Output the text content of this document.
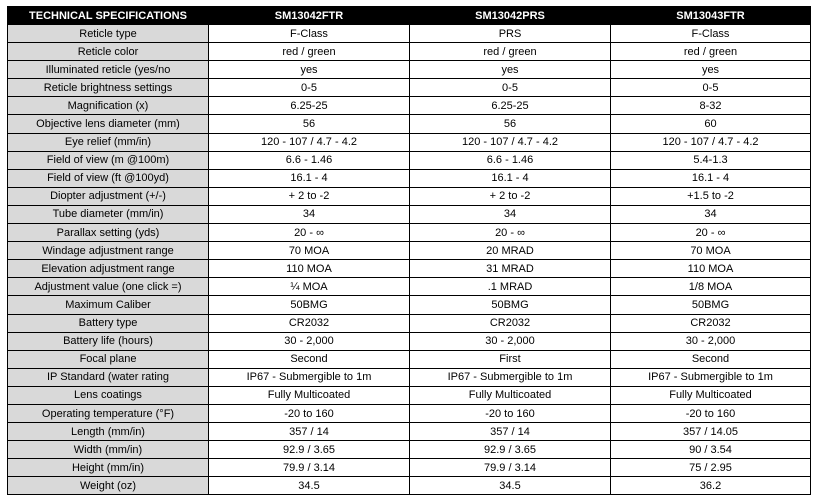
TECHNICAL SPECIFICATIONS	SM13042FTR	SM13042PRS	SM13043FTR
Reticle type	F-Class	PRS	F-Class
Reticle color	red / green	red / green	red / green
Illuminated reticle (yes/no	yes	yes	yes
Reticle brightness settings	0-5	0-5	0-5
Magnification (x)	6.25-25	6.25-25	8-32
Objective lens diameter (mm)	56	56	60
Eye relief (mm/in)	120 - 107 / 4.7 - 4.2	120 - 107 / 4.7 - 4.2	120 - 107 / 4.7 - 4.2
Field of view (m @100m)	6.6 - 1.46	6.6 - 1.46	5.4-1.3
Field of view (ft @100yd)	16.1 - 4	16.1 - 4	16.1 - 4
Diopter adjustment (+/-)	+ 2 to -2	+ 2 to -2	+1.5 to -2
Tube diameter (mm/in)	34	34	34
Parallax setting (yds)	20 - ∞	20 - ∞	20 - ∞
Windage adjustment range	70 MOA	20 MRAD	70 MOA
Elevation adjustment range	110 MOA	31 MRAD	110 MOA
Adjustment value (one click =)	¼ MOA	.1 MRAD	1/8 MOA
Maximum Caliber	50BMG	50BMG	50BMG
Battery type	CR2032	CR2032	CR2032
Battery life (hours)	30 - 2,000	30 - 2,000	30 - 2,000
Focal plane	Second	First	Second
IP Standard (water rating	IP67 - Submergible to 1m	IP67 - Submergible to 1m	IP67 - Submergible to 1m
Lens coatings	Fully Multicoated	Fully Multicoated	Fully Multicoated
Operating temperature (°F)	-20 to 160	-20 to 160	-20 to 160
Length (mm/in)	357 / 14	357 / 14	357 / 14.05
Width (mm/in)	92.9 / 3.65	92.9 / 3.65	90 / 3.54
Height (mm/in)	79.9 / 3.14	79.9 / 3.14	75 / 2.95
Weight (oz)	34.5	34.5	36.2
